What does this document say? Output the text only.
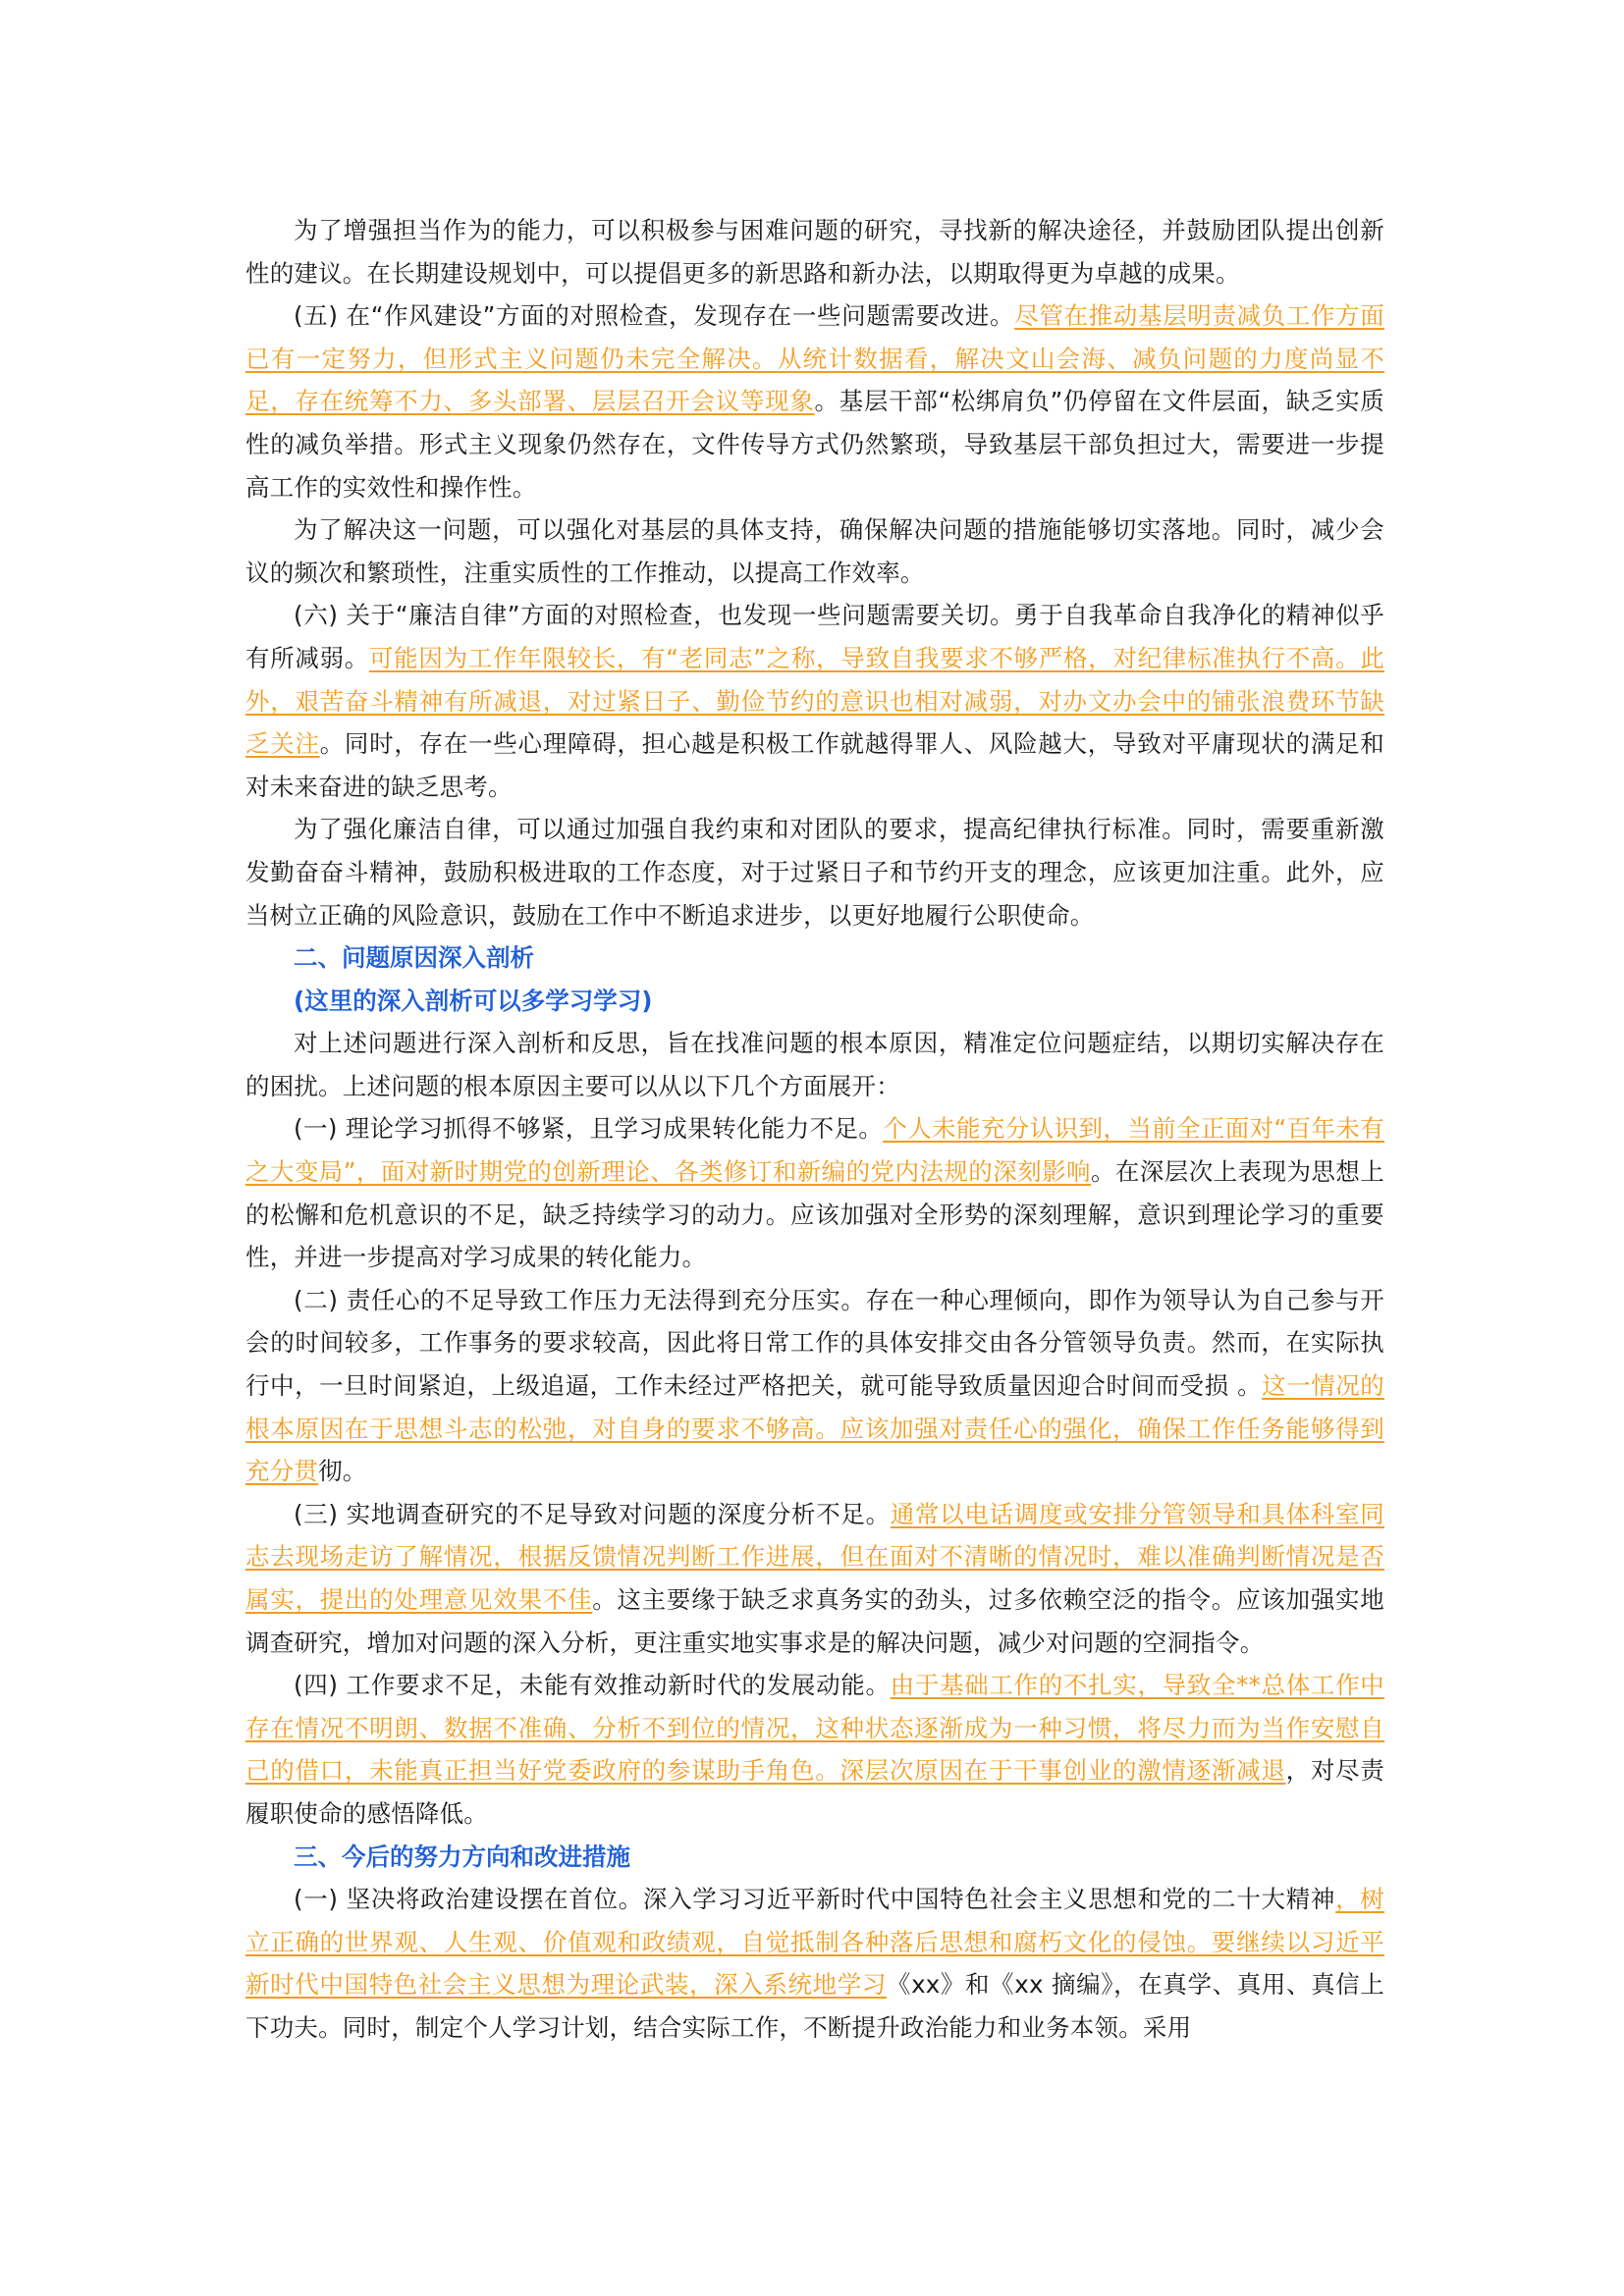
为了增强担当作为的能力，可以积极参与困难问题的研究，寻找新的解决途径，并鼓励团队提出创新性的建议。在长期建设规划中，可以提倡更多的新思路和新办法，以期取得更为卓越的成果。

(五) 在“作风建设”方面的对照检查，发现存在一些问题需要改进。尽管在推动基层明责减负工作方面已有一定努力，但形式主义问题仍未完全解决。从统计数据看，解决文山会海、减负问题的力度尚显不足，存在统筹不力、多头部署、层层召开会议等现象。基层干部“松绑肩负”仍停留在文件层面，缺乏实质性的减负举措。形式主义现象仍然存在，文件传导方式仍然繁琐，导致基层干部负担过大，需要进一步提高工作的实效性和操作性。

为了解决这一问题，可以强化对基层的具体支持，确保解决问题的措施能够切实落地。同时，减少会议的频次和繁琐性，注重实质性的工作推动，以提高工作效率。

(六) 关于“廉洁自律”方面的对照检查，也发现一些问题需要关切。勇于自我革命自我净化的精神似乎有所减弱。可能因为工作年限较长，有“老同志”之称，导致自我要求不够严格，对纪律标准执行不高。此外，艰苦奋斗精神有所减退，对过紧日子、勤俭节约的意识也相对减弱，对办文办会中的铺张浪费环节缺乏关注。同时，存在一些心理障碍，担心越是积极工作就越得罪人、风险越大，导致对平庸现状的满足和对未来奋进的缺乏思考。

为了强化廉洁自律，可以通过加强自我约束和对团队的要求，提高纪律执行标准。同时，需要重新激发勤奋奋斗精神，鼓励积极进取的工作态度，对于过紧日子和节约开支的理念，应该更加注重。此外，应当树立正确的风险意识，鼓励在工作中不断追求进步，以更好地履行公职使命。

二、问题原因深入剖析

(这里的深入剖析可以多学习学习)

对上述问题进行深入剖析和反思，旨在找准问题的根本原因，精准定位问题症结，以期切实解决存在的困扰。上述问题的根本原因主要可以从以下几个方面展开：

(一) 理论学习抓得不够紧，且学习成果转化能力不足。个人未能充分认识到，当前全正面对“百年未有之大变局”，面对新时期党的创新理论、各类修订和新编的党内法规的深刻影响。在深层次上表现为思想上的松懈和危机意识的不足，缺乏持续学习的动力。应该加强对全形势的深刻理解，意识到理论学习的重要性，并进一步提高对学习成果的转化能力。

(二) 责任心的不足导致工作压力无法得到充分压实。存在一种心理倾向，即作为领导认为自己参与开会的时间较多，工作事务的要求较高，因此将日常工作的具体安排交由各分管领导负责。然而，在实际执行中，一旦时间紧迫，上级追逼，工作未经过严格把关，就可能导致质量因迎合时间而受损 。这一情况的根本原因在于思想斗志的松弛，对自身的要求不够高。应该加强对责任心的强化，确保工作任务能够得到充分贯彻。

(三) 实地调查研究的不足导致对问题的深度分析不足。通常以电话调度或安排分管领导和具体科室同志去现场走访了解情况，根据反馈情况判断工作进展，但在面对不清晰的情况时，难以准确判断情况是否属实，提出的处理意见效果不佳。这主要缘于缺乏求真务实的劲头，过多依赖空泛的指令。应该加强实地调查研究，增加对问题的深入分析，更注重实地实事求是的解决问题，减少对问题的空洞指令。

(四) 工作要求不足，未能有效推动新时代的发展动能。由于基础工作的不扎实，导致全**总体工作中存在情况不明朗、数据不准确、分析不到位的情况，这种状态逐渐成为一种习惯，将尽力而为当作安慰自己的借口，未能真正担当好党委政府的参谋助手角色。深层次原因在于干事创业的激情逐渐减退，对尽责履职使命的感悟降低。

三、今后的努力方向和改进措施

(一) 坚决将政治建设摆在首位。深入学习习近平新时代中国特色社会主义思想和党的二十大精神，树立正确的世界观、人生观、价值观和政绩观，自觉抵制各种落后思想和腐朽文化的侵蚀。要继续以习近平新时代中国特色社会主义思想为理论武装，深入系统地学习《xx》和《xx 摘编》，在真学、真用、真信上下功夫。同时，制定个人学习计划，结合实际工作，不断提升政治能力和业务本领。采用
